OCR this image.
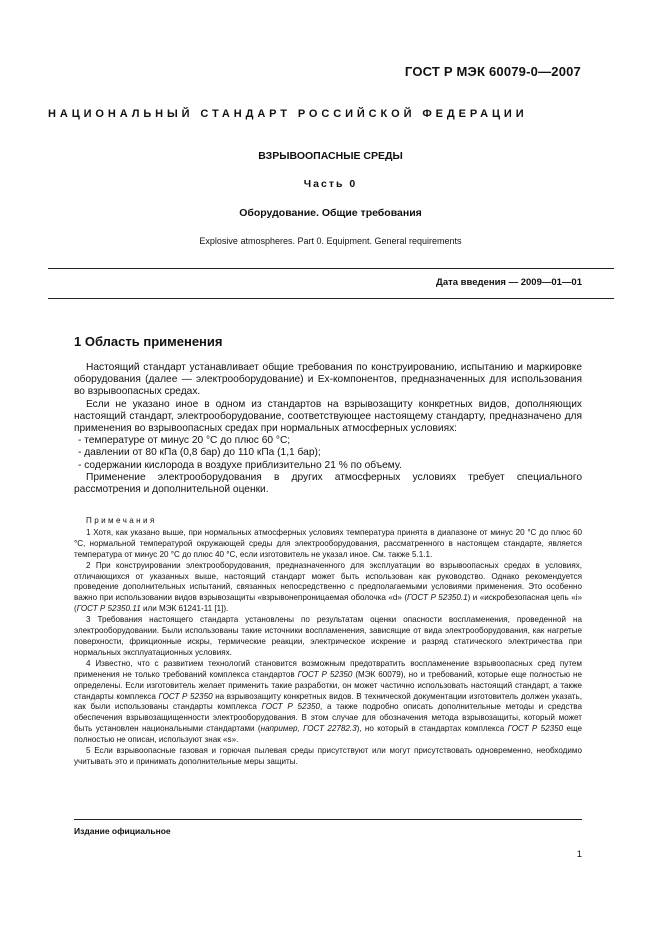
ГОСТ Р МЭК 60079-0—2007
НАЦИОНАЛЬНЫЙ СТАНДАРТ РОССИЙСКОЙ ФЕДЕРАЦИИ
ВЗРЫВООПАСНЫЕ СРЕДЫ
Часть 0
Оборудование. Общие требования
Explosive atmospheres. Part 0. Equipment. General requirements
Дата введения — 2009—01—01
1 Область применения

Настоящий стандарт устанавливает общие требования по конструированию, испытанию и маркировке оборудования (далее — электрооборудование) и Ex-компонентов, предназначенных для использования во взрывоопасных средах.

Если не указано иное в одном из стандартов на взрывозащиту конкретных видов, дополняющих настоящий стандарт, электрооборудование, соответствующее настоящему стандарту, предназначено для применения во взрывоопасных средах при нормальных атмосферных условиях:

- температуре от минус 20 °С до плюс 60 °С;

- давлении от 80 кПа (0,8 бар) до 110 кПа (1,1 бар);

- содержании кислорода в воздухе приблизительно 21 % по объему.

Применение электрооборудования в других атмосферных условиях требует специального рассмотрения и дополнительной оценки.

Примечания

1 Хотя, как указано выше, при нормальных атмосферных условиях температура принята в диапазоне от минус 20 °С до плюс 60 °С, нормальной температурой окружающей среды для электрооборудования, рассматренного в настоящем стандарте, является температура от минус 20 °С до плюс 40 °С, если изготовитель не указал иное. См. также 5.1.1.

2 При конструировании электрооборудования, предназначенного для эксплуатации во взрывоопасных средах в условиях, отличающихся от указанных выше, настоящий стандарт может быть использован как руководство. Однако рекомендуется проведение дополнительных испытаний, связанных непосредственно с предполагаемыми условиями применения. Это особенно важно при использовании видов взрывозащиты «взрывонепроницаемая оболочка «d» (ГОСТ Р 52350.1) и «искробезопасная цепь «i» (ГОСТ Р 52350.11 или МЭК 61241-11 [1]).

3 Требования настоящего стандарта установлены по результатам оценки опасности воспламенения, проведенной на электрооборудовании. Были использованы такие источники воспламенения, зависящие от вида электрооборудования, как нагретые поверхности, фрикционные искры, термические реакции, электрическое искрение и разряд статического электричества при нормальных эксплуатационных условиях.

4 Известно, что с развитием технологий становится возможным предотвратить воспламенение взрывоопасных сред путем применения не только требований комплекса стандартов ГОСТ Р 52350 (МЭК 60079), но и требований, которые еще полностью не определены. Если изготовитель желает применить такие разработки, он может частично использовать настоящий стандарт, а также стандарты комплекса ГОСТ Р 52350 на взрывозащиту конкретных видов. В технической документации изготовитель должен указать, как были использованы стандарты комплекса ГОСТ Р 52350, а также подробно описать дополнительные методы и средства обеспечения взрывозащищенности электрооборудования. В этом случае для обозначения метода взрывозащиты, который может быть установлен национальными стандартами (например, ГОСТ 22782.3), но который в стандартах комплекса ГОСТ Р 52350 еще полностью не описан, используют знак «s».

5 Если взрывоопасные газовая и горючая пылевая среды присутствуют или могут присутствовать одновременно, необходимо учитывать это и принимать дополнительные меры защиты.

Издание официальное
1
